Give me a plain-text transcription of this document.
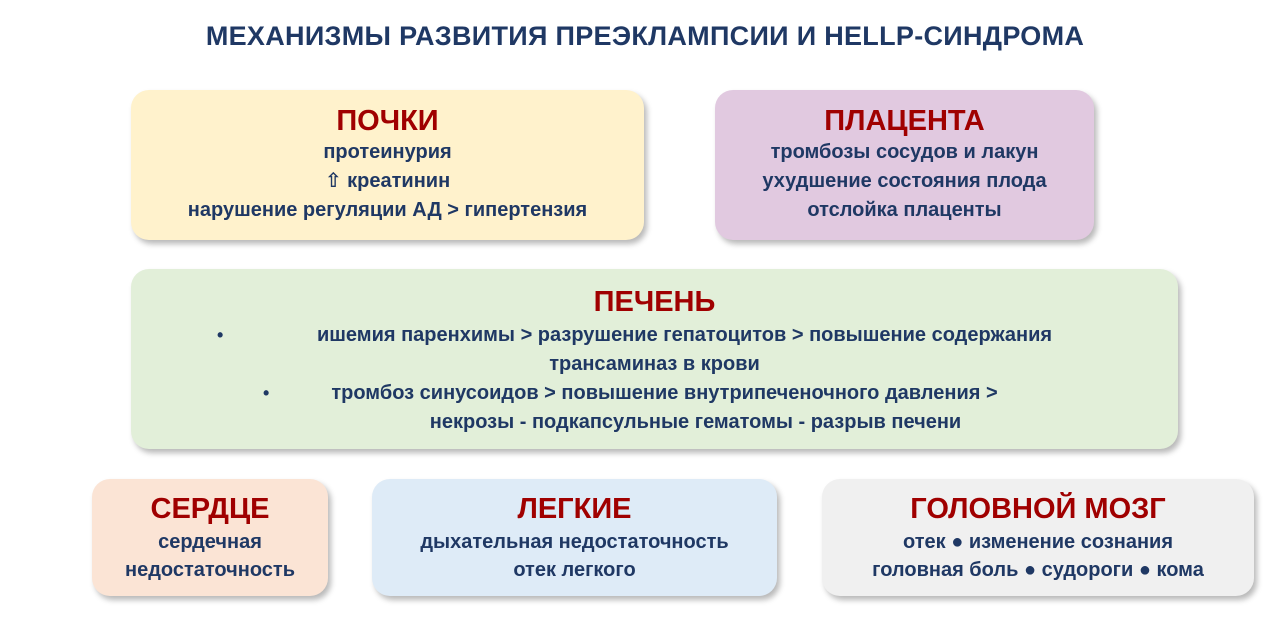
МЕХАНИЗМЫ РАЗВИТИЯ ПРЕЭКЛАМПСИИ И HELLP-СИНДРОМА
ПОЧКИ
протеинурия
⇧ креатинин
нарушение регуляции АД > гипертензия
ПЛАЦЕНТА
тромбозы сосудов и лакун
ухудшение состояния плода
отслойка плаценты
ПЕЧЕНЬ
•	ишемия паренхимы > разрушение гепатоцитов > повышение содержания
трансаминаз в крови
•	тромбоз синусоидов > повышение внутрипеченочного давления >
некрозы - подкапсульные гематомы - разрыв печени
СЕРДЦЕ
сердечная
недостаточность
ЛЕГКИЕ
дыхательная недостаточность
отек легкого
ГОЛОВНОЙ МОЗГ
отек ● изменение сознания
головная боль ● судороги ● кома
